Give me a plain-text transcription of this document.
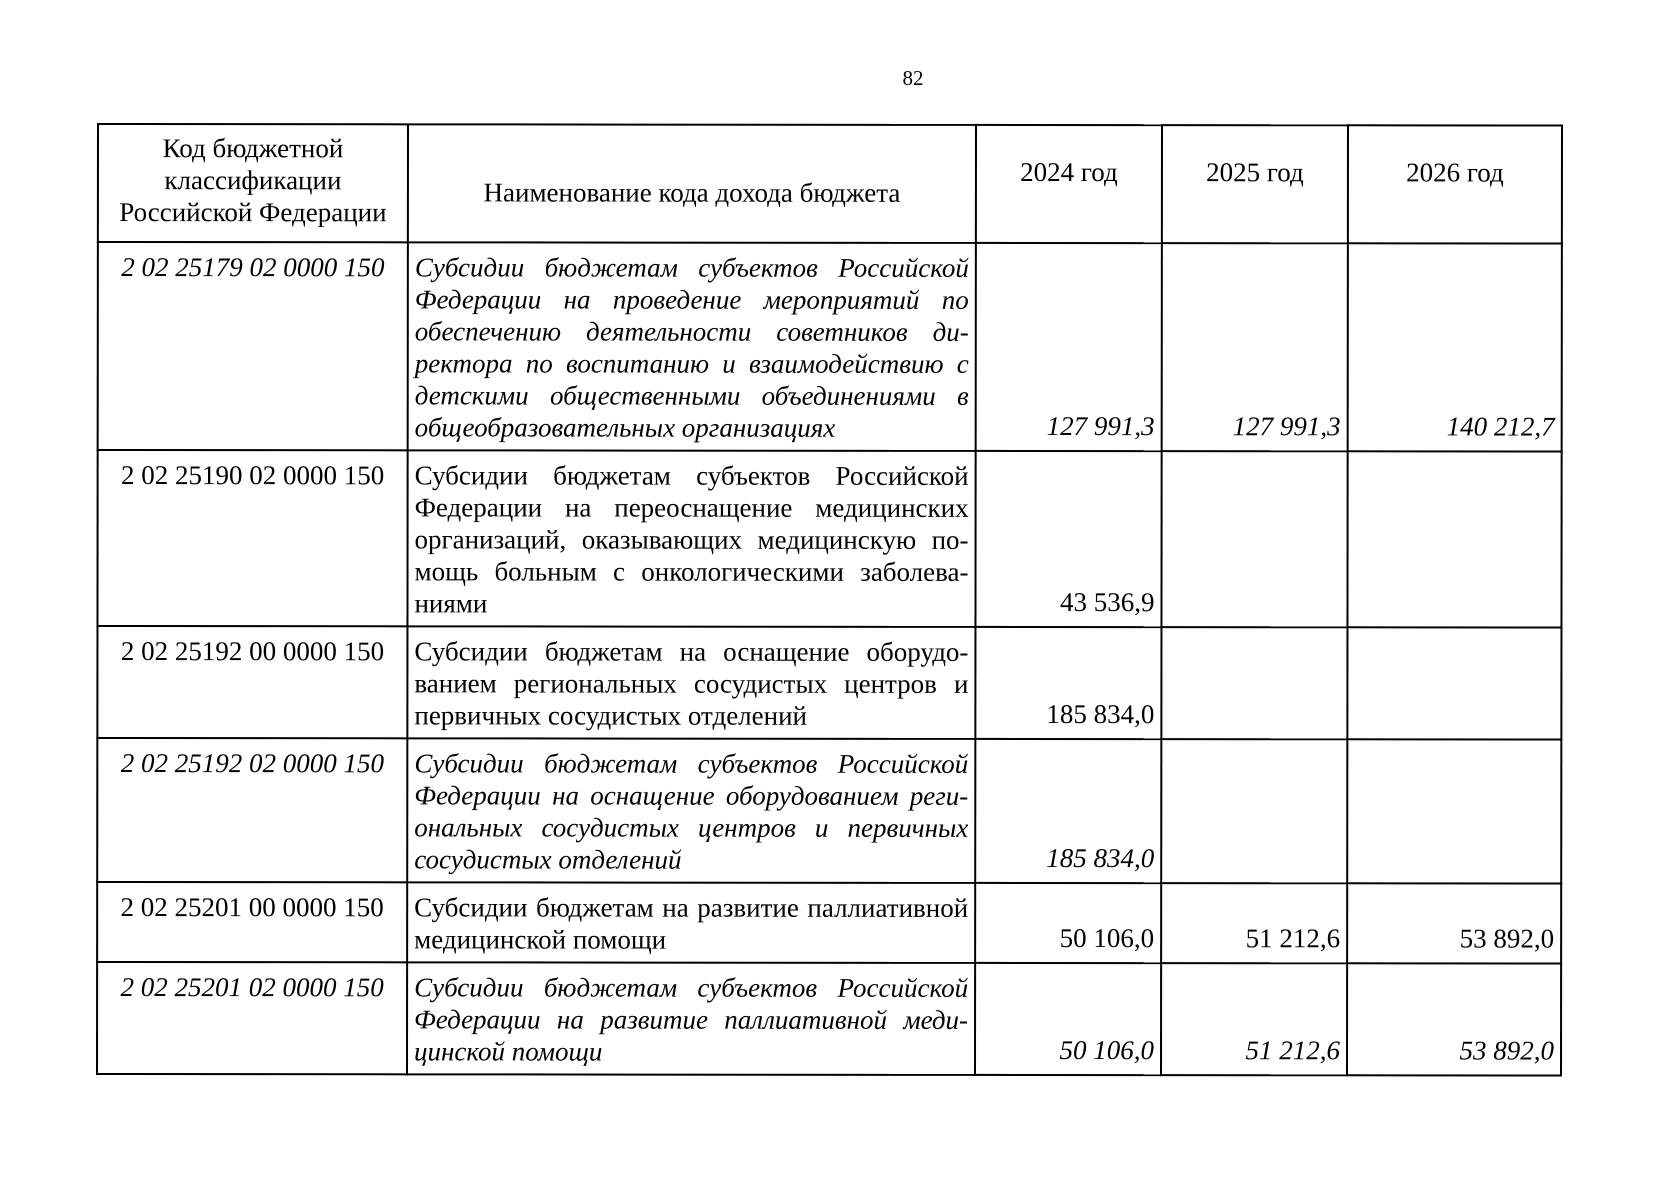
82
Код бюджетной классификации Российской Федерации	Наименование кода дохода бюджета	2024 год	2025 год	2026 год
2 02 25179 02 0000 150	Субсидии бюджетам субъектов Российской Федерации на проведение мероприятий по обеспечению деятельности советников директора по воспитанию и взаимодействию с детскими общественными объединениями в общеобразовательных организациях	127 991,3	127 991,3	140 212,7
2 02 25190 02 0000 150	Субсидии бюджетам субъектов Российской Федерации на переоснащение медицинских организаций, оказывающих медицинскую помощь больным с онкологическими заболеваниями	43 536,9		
2 02 25192 00 0000 150	Субсидии бюджетам на оснащение оборудованием региональных сосудистых центров и первичных сосудистых отделений	185 834,0		
2 02 25192 02 0000 150	Субсидии бюджетам субъектов Российской Федерации на оснащение оборудованием региональных сосудистых центров и первичных сосудистых отделений	185 834,0		
2 02 25201 00 0000 150	Субсидии бюджетам на развитие паллиативной медицинской помощи	50 106,0	51 212,6	53 892,0
2 02 25201 02 0000 150	Субсидии бюджетам субъектов Российской Федерации на развитие паллиативной медицинской помощи	50 106,0	51 212,6	53 892,0
